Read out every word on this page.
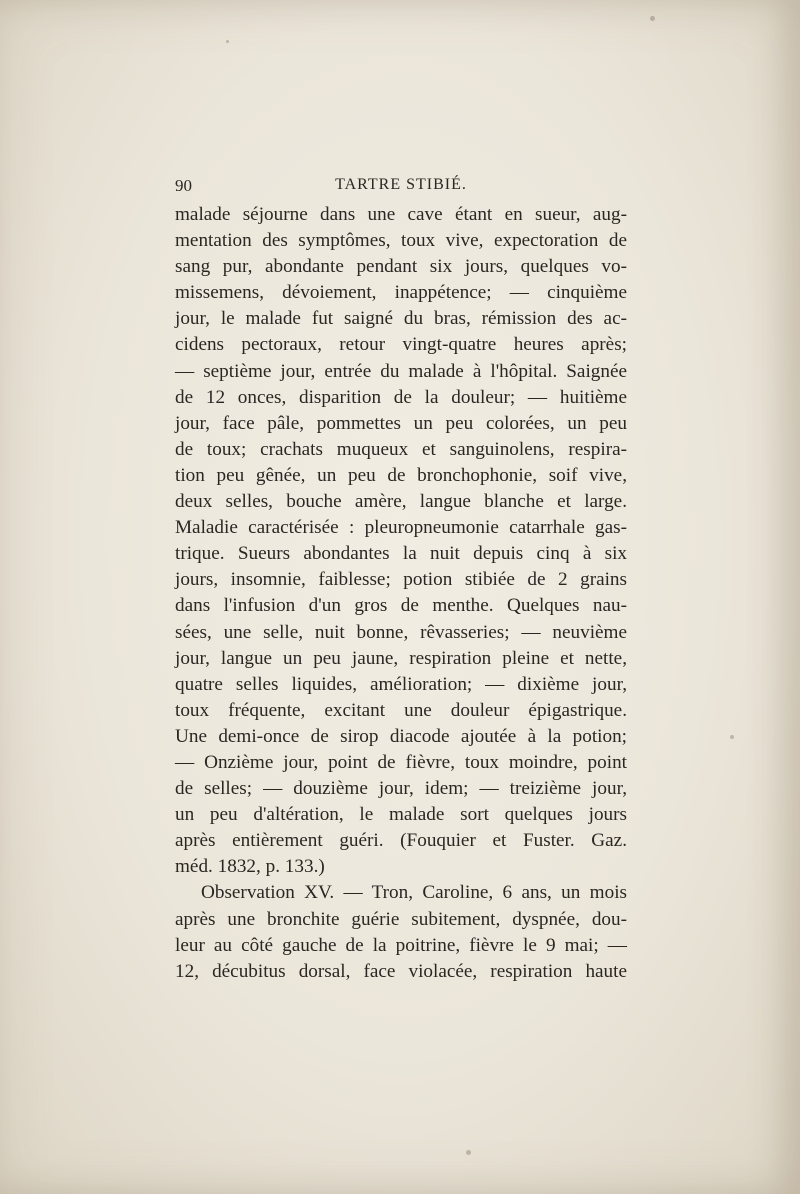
90	TARTRE STIBIÉ.
malade séjourne dans une cave étant en sueur, aug-
mentation des symptômes, toux vive, expectoration de
sang pur, abondante pendant six jours, quelques vo-
missemens, dévoiement, inappétence; — cinquième
jour, le malade fut saigné du bras, rémission des ac-
cidens pectoraux, retour vingt-quatre heures après;
— septième jour, entrée du malade à l'hôpital. Saignée
de 12 onces, disparition de la douleur; — huitième
jour, face pâle, pommettes un peu colorées, un peu
de toux; crachats muqueux et sanguinolens, respira-
tion peu gênée, un peu de bronchophonie, soif vive,
deux selles, bouche amère, langue blanche et large.
Maladie caractérisée : pleuropneumonie catarrhale gas-
trique. Sueurs abondantes la nuit depuis cinq à six
jours, insomnie, faiblesse; potion stibiée de 2 grains
dans l'infusion d'un gros de menthe. Quelques nau-
sées, une selle, nuit bonne, rêvasseries; — neuvième
jour, langue un peu jaune, respiration pleine et nette,
quatre selles liquides, amélioration; — dixième jour,
toux fréquente, excitant une douleur épigastrique.
Une demi-once de sirop diacode ajoutée à la potion;
— Onzième jour, point de fièvre, toux moindre, point
de selles; — douzième jour, idem; — treizième jour,
un peu d'altération, le malade sort quelques jours
après entièrement guéri. (Fouquier et Fuster. Gaz.
méd. 1832, p. 133.)
Observation XV. — Tron, Caroline, 6 ans, un mois
après une bronchite guérie subitement, dyspnée, dou-
leur au côté gauche de la poitrine, fièvre le 9 mai; —
12, décubitus dorsal, face violacée, respiration haute
